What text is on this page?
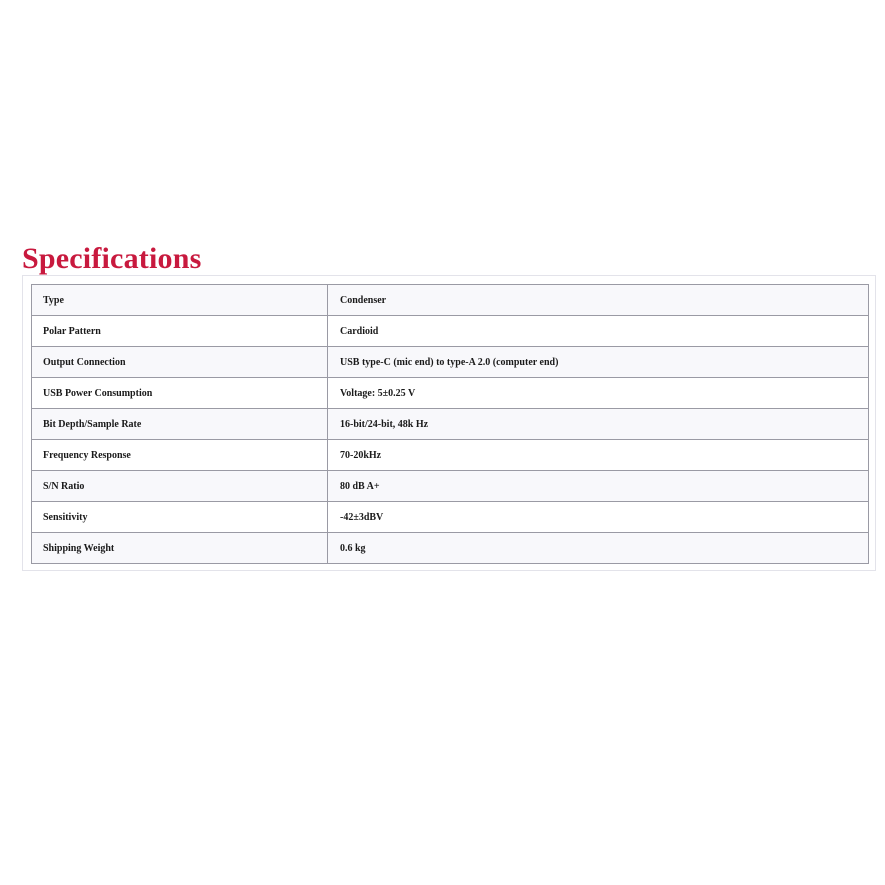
Specifications
Type	Condenser
Polar Pattern	Cardioid
Output Connection	USB type-C (mic end) to type-A 2.0 (computer end)
USB Power Consumption	Voltage: 5±0.25 V
Bit Depth/Sample Rate	16-bit/24-bit, 48k Hz
Frequency Response	70-20kHz
S/N Ratio	80 dB A+
Sensitivity	-42±3dBV
Shipping Weight	0.6 kg
